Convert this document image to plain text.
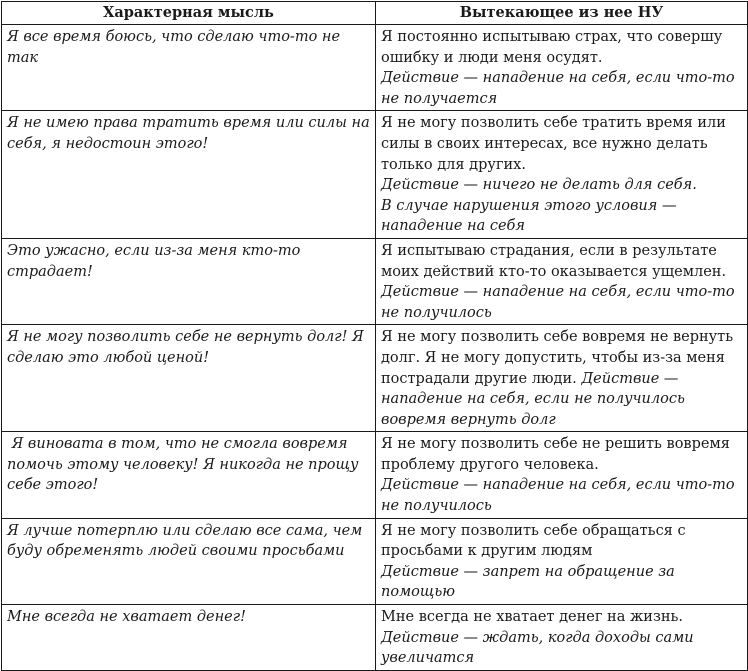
Характерная мысль	Вытекающее из нее НУ
Я все время боюсь, что сделаю что-то не так	Я постоянно испытываю страх, что совершу ошибку и люди меня осудят.
Действие — нападение на себя, если что-то не получается

Я не имею права тратить время или силы на себя, я недостоин этого!	Я не могу позволить себе тратить время или силы в своих интересах, все нужно делать только для других.
Действие — ничего не делать для себя.
В случае нарушения этого условия — нападение на себя

Это ужасно, если из-за меня кто-то страдает!	Я испытываю страдания, если в результате моих действий кто-то оказывается ущемлен.
Действие — нападение на себя, если что-то не получилось

Я не могу позволить себе не вернуть долг! Я сделаю это любой ценой!	Я не могу позволить себе вовремя не вернуть долг. Я не могу допустить, чтобы из-за меня пострадали другие люди. Действие — нападение на себя, если не получилось вовремя вернуть долг
Я виновата в том, что не смогла вовремя помочь этому человеку! Я никогда не прощу себе этого!	Я не могу позволить себе не решить вовремя проблему другого человека.
Действие — нападение на себя, если что-то не получилось

Я лучше потерплю или сделаю все сама, чем буду обременять людей своими просьбами	Я не могу позволить себе обращаться с просьбами к другим людям
Действие — запрет на обращение за помощью

Мне всегда не хватает денег!	Мне всегда не хватает денег на жизнь.
Действие — ждать, когда доходы сами увеличатся
